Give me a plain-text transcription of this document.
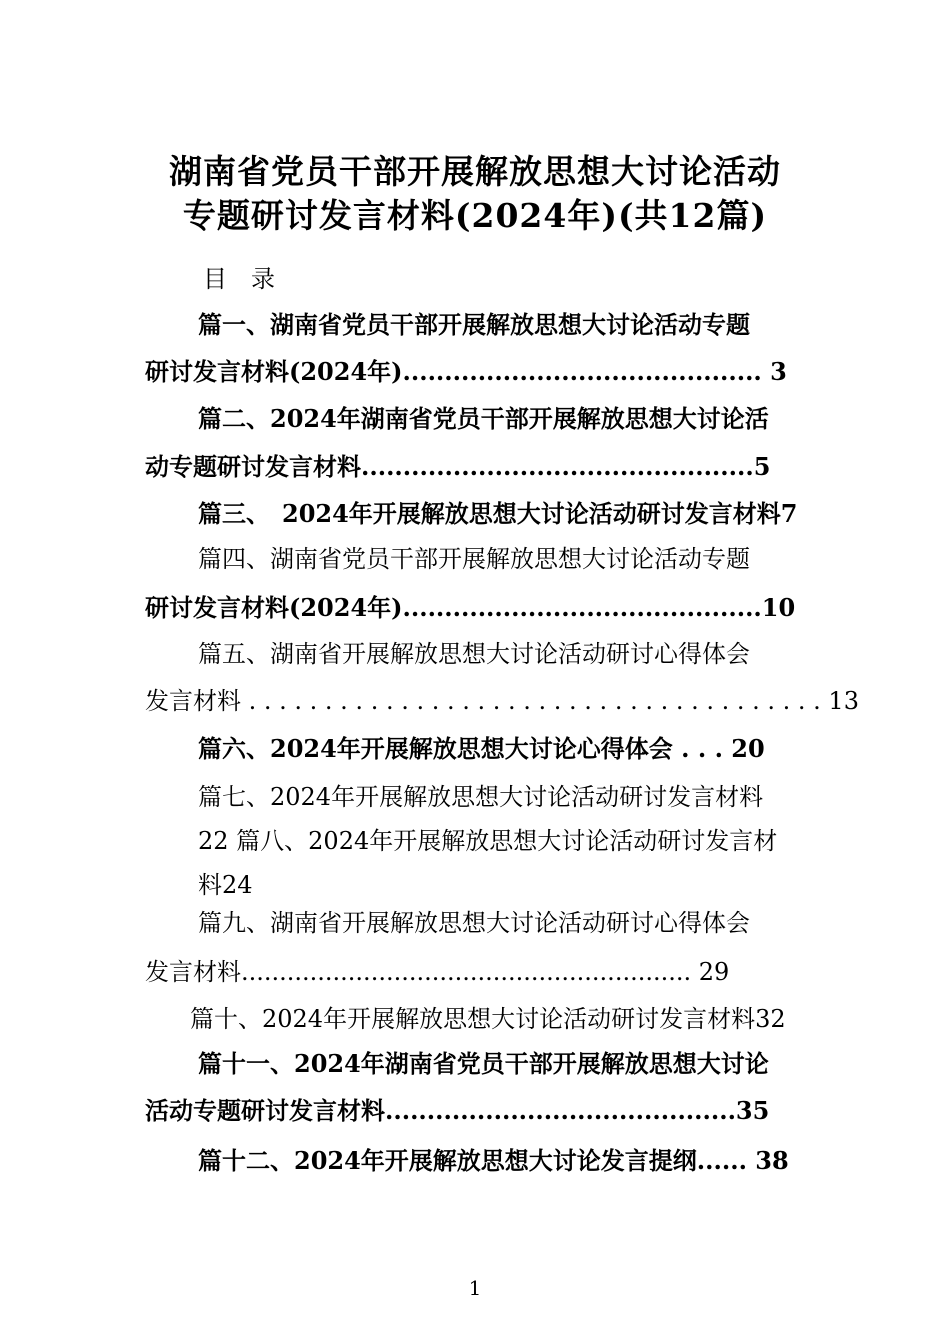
湖南省党员干部开展解放思想大讨论活动
专题研讨发言材料(2024年)(共12篇)
目　录
篇一、湖南省党员干部开展解放思想大讨论活动专题
研讨发言材料(2024年)........................................... 3
篇二、2024年湖南省党员干部开展解放思想大讨论活
动专题研讨发言材料...............................................5
篇三、　2024年开展解放思想大讨论活动研讨发言材料7
篇四、湖南省党员干部开展解放思想大讨论活动专题
研讨发言材料(2024年)...........................................10
篇五、湖南省开展解放思想大讨论活动研讨心得体会
发言材料 . . . . . . . . . . . . . . . . . . . . . . . . . . . . . . . . . . . . . . 13
篇六、2024年开展解放思想大讨论心得体会 . . . 20
篇七、2024年开展解放思想大讨论活动研讨发言材料
22 篇八、2024年开展解放思想大讨论活动研讨发言材
料24
篇九、湖南省开展解放思想大讨论活动研讨心得体会
发言材料........................................................... 29
篇十、2024年开展解放思想大讨论活动研讨发言材料32
篇十一、2024年湖南省党员干部开展解放思想大讨论
活动专题研讨发言材料..........................................35
篇十二、2024年开展解放思想大讨论发言提纲...... 38
1
